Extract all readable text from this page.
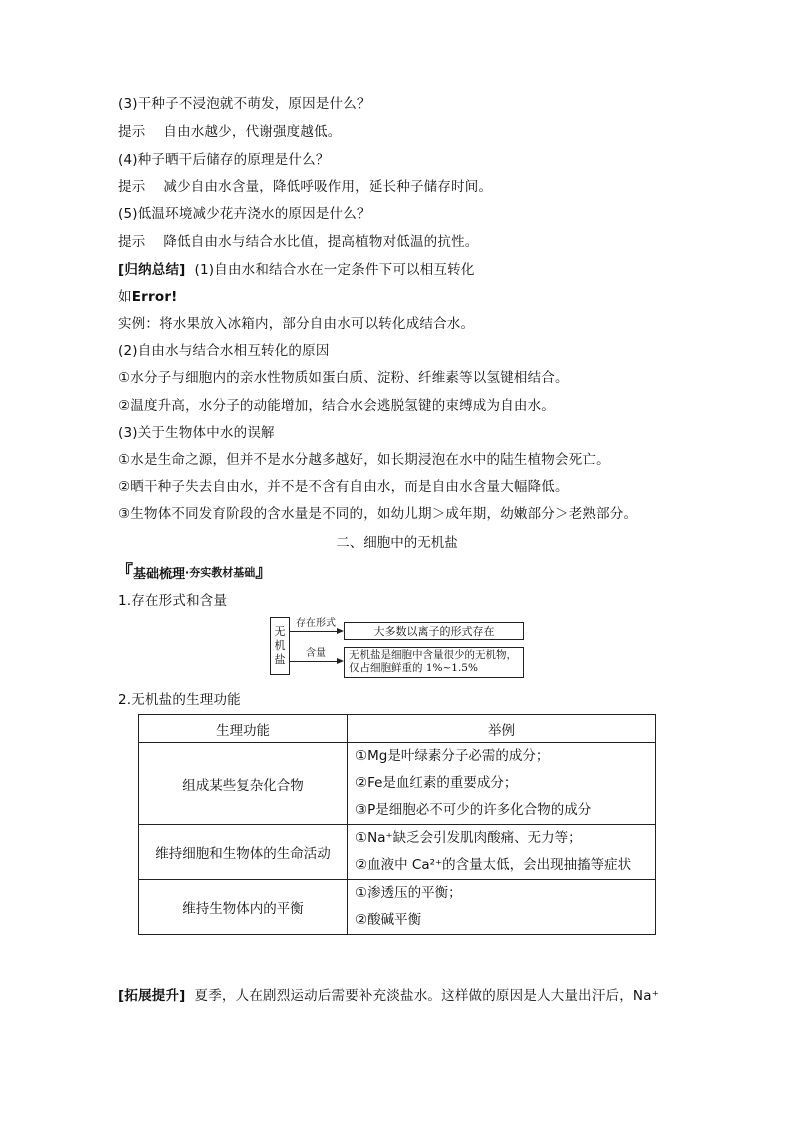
(3)干种子不浸泡就不萌发，原因是什么？
提示 自由水越少，代谢强度越低。
(4)种子晒干后储存的原理是什么？
提示 减少自由水含量，降低呼吸作用，延长种子储存时间。
(5)低温环境减少花卉浇水的原因是什么？
提示 降低自由水与结合水比值，提高植物对低温的抗性。
[归纳总结] (1)自由水和结合水在一定条件下可以相互转化
如Error!
实例：将水果放入冰箱内，部分自由水可以转化成结合水。
(2)自由水与结合水相互转化的原因
①水分子与细胞内的亲水性物质如蛋白质、淀粉、纤维素等以氢键相结合。
②温度升高，水分子的动能增加，结合水会逃脱氢键的束缚成为自由水。
(3)关于生物体中水的误解
①水是生命之源，但并不是水分越多越好，如长期浸泡在水中的陆生植物会死亡。
②晒干种子失去自由水，并不是不含有自由水，而是自由水含量大幅降低。
③生物体不同发育阶段的含水量是不同的，如幼儿期＞成年期，幼嫩部分＞老熟部分。
二、细胞中的无机盐
『 基础梳理 ·夯实教材基础 』
1.存在形式和含量
无
机
盐
存在形式
大多数以离子的形式存在
含量 无机盐是细胞中含量很少的无机物，
仅占细胞鲜重的 1%~1.5%
2.无机盐的生理功能
生理功能	举例
组成某些复杂化合物	①Mg是叶绿素分子必需的成分；
②Fe是血红素的重要成分；
③P是细胞必不可少的许多化合物的成分

维持细胞和生物体的生命活动	①Na⁺缺乏会引发肌肉酸痛、无力等；
②血液中 Ca²⁺的含量太低，会出现抽搐等症状

维持生物体内的平衡	①渗透压的平衡；
②酸碱平衡
[拓展提升] 夏季，人在剧烈运动后需要补充淡盐水。这样做的原因是人大量出汗后，Na⁺
